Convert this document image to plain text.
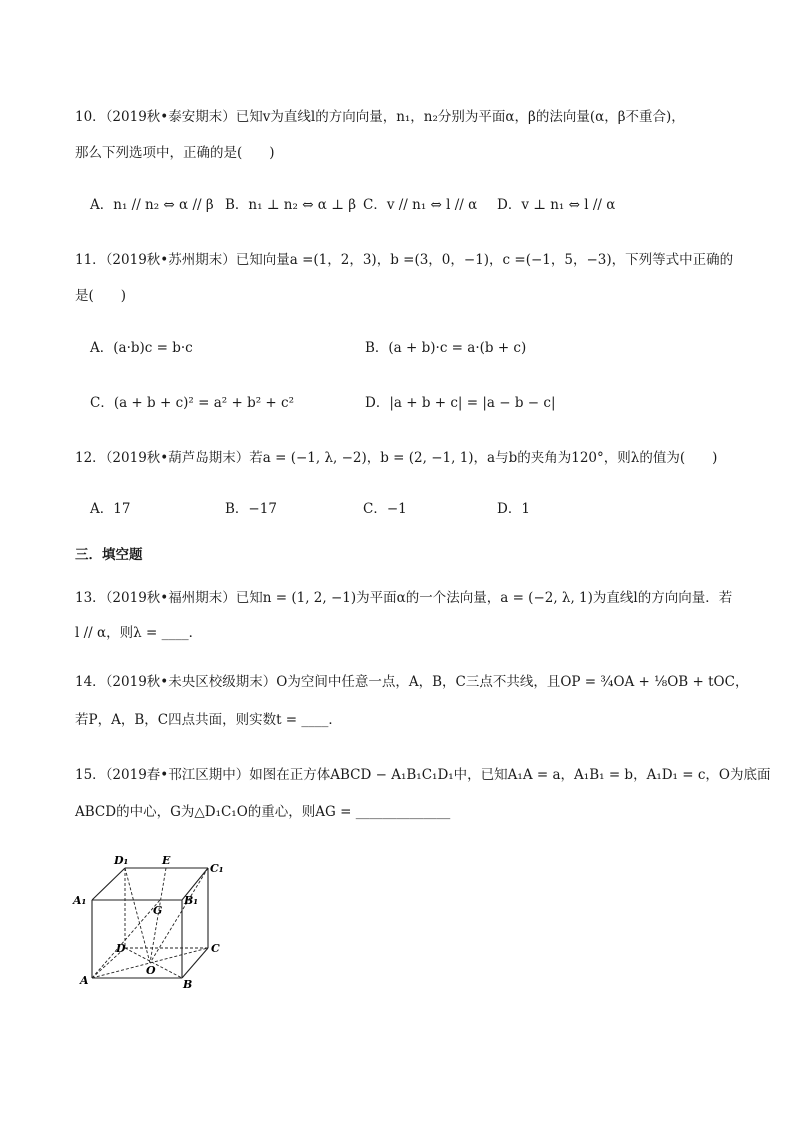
10．（2019秋•泰安期末）已知v为直线l的方向向量，n₁，n₂分别为平面α，β的法向量(α，β不重合)，
那么下列选项中，正确的是(　　)
A．n₁ // n₂ ⇔ α // β B．n₁ ⊥ n₂ ⇔ α ⊥ β C．v // n₁ ⇔ l // α D．v ⊥ n₁ ⇔ l // α
11．（2019秋•苏州期末）已知向量a =(1，2，3)，b =(3，0，−1)，c =(−1，5，−3)，下列等式中正确的
是(　　)
A．(a·b)c = b·c	B．(a + b)·c = a·(b + c)
C．(a + b + c)² = a² + b² + c²	D．|a + b + c| = |a − b − c|
12．（2019秋•葫芦岛期末）若a = (−1, λ, −2)，b = (2, −1, 1)，a与b的夹角为120°，则λ的值为(　　)
A．17	B．−17	C．−1	D．1
三．填空题
13．（2019秋•福州期末）已知n = (1, 2, −1)为平面α的一个法向量，a = (−2, λ, 1)为直线l的方向向量．若
l // α，则λ = ____．
14．（2019秋•未央区校级期末）O为空间中任意一点，A，B，C三点不共线，且OP = ¾OA + ⅛OB + tOC，
若P，A，B，C四点共面，则实数t = ____．
15．（2019春•邗江区期中）如图在正方体ABCD − A₁B₁C₁D₁中，已知A₁A = a，A₁B₁ = b，A₁D₁ = c，O为底面
ABCD的中心，G为△D₁C₁O的重心，则AG = ______________
D₁	E
C₁
A₁
G
B₁
D	C
O
A	B
